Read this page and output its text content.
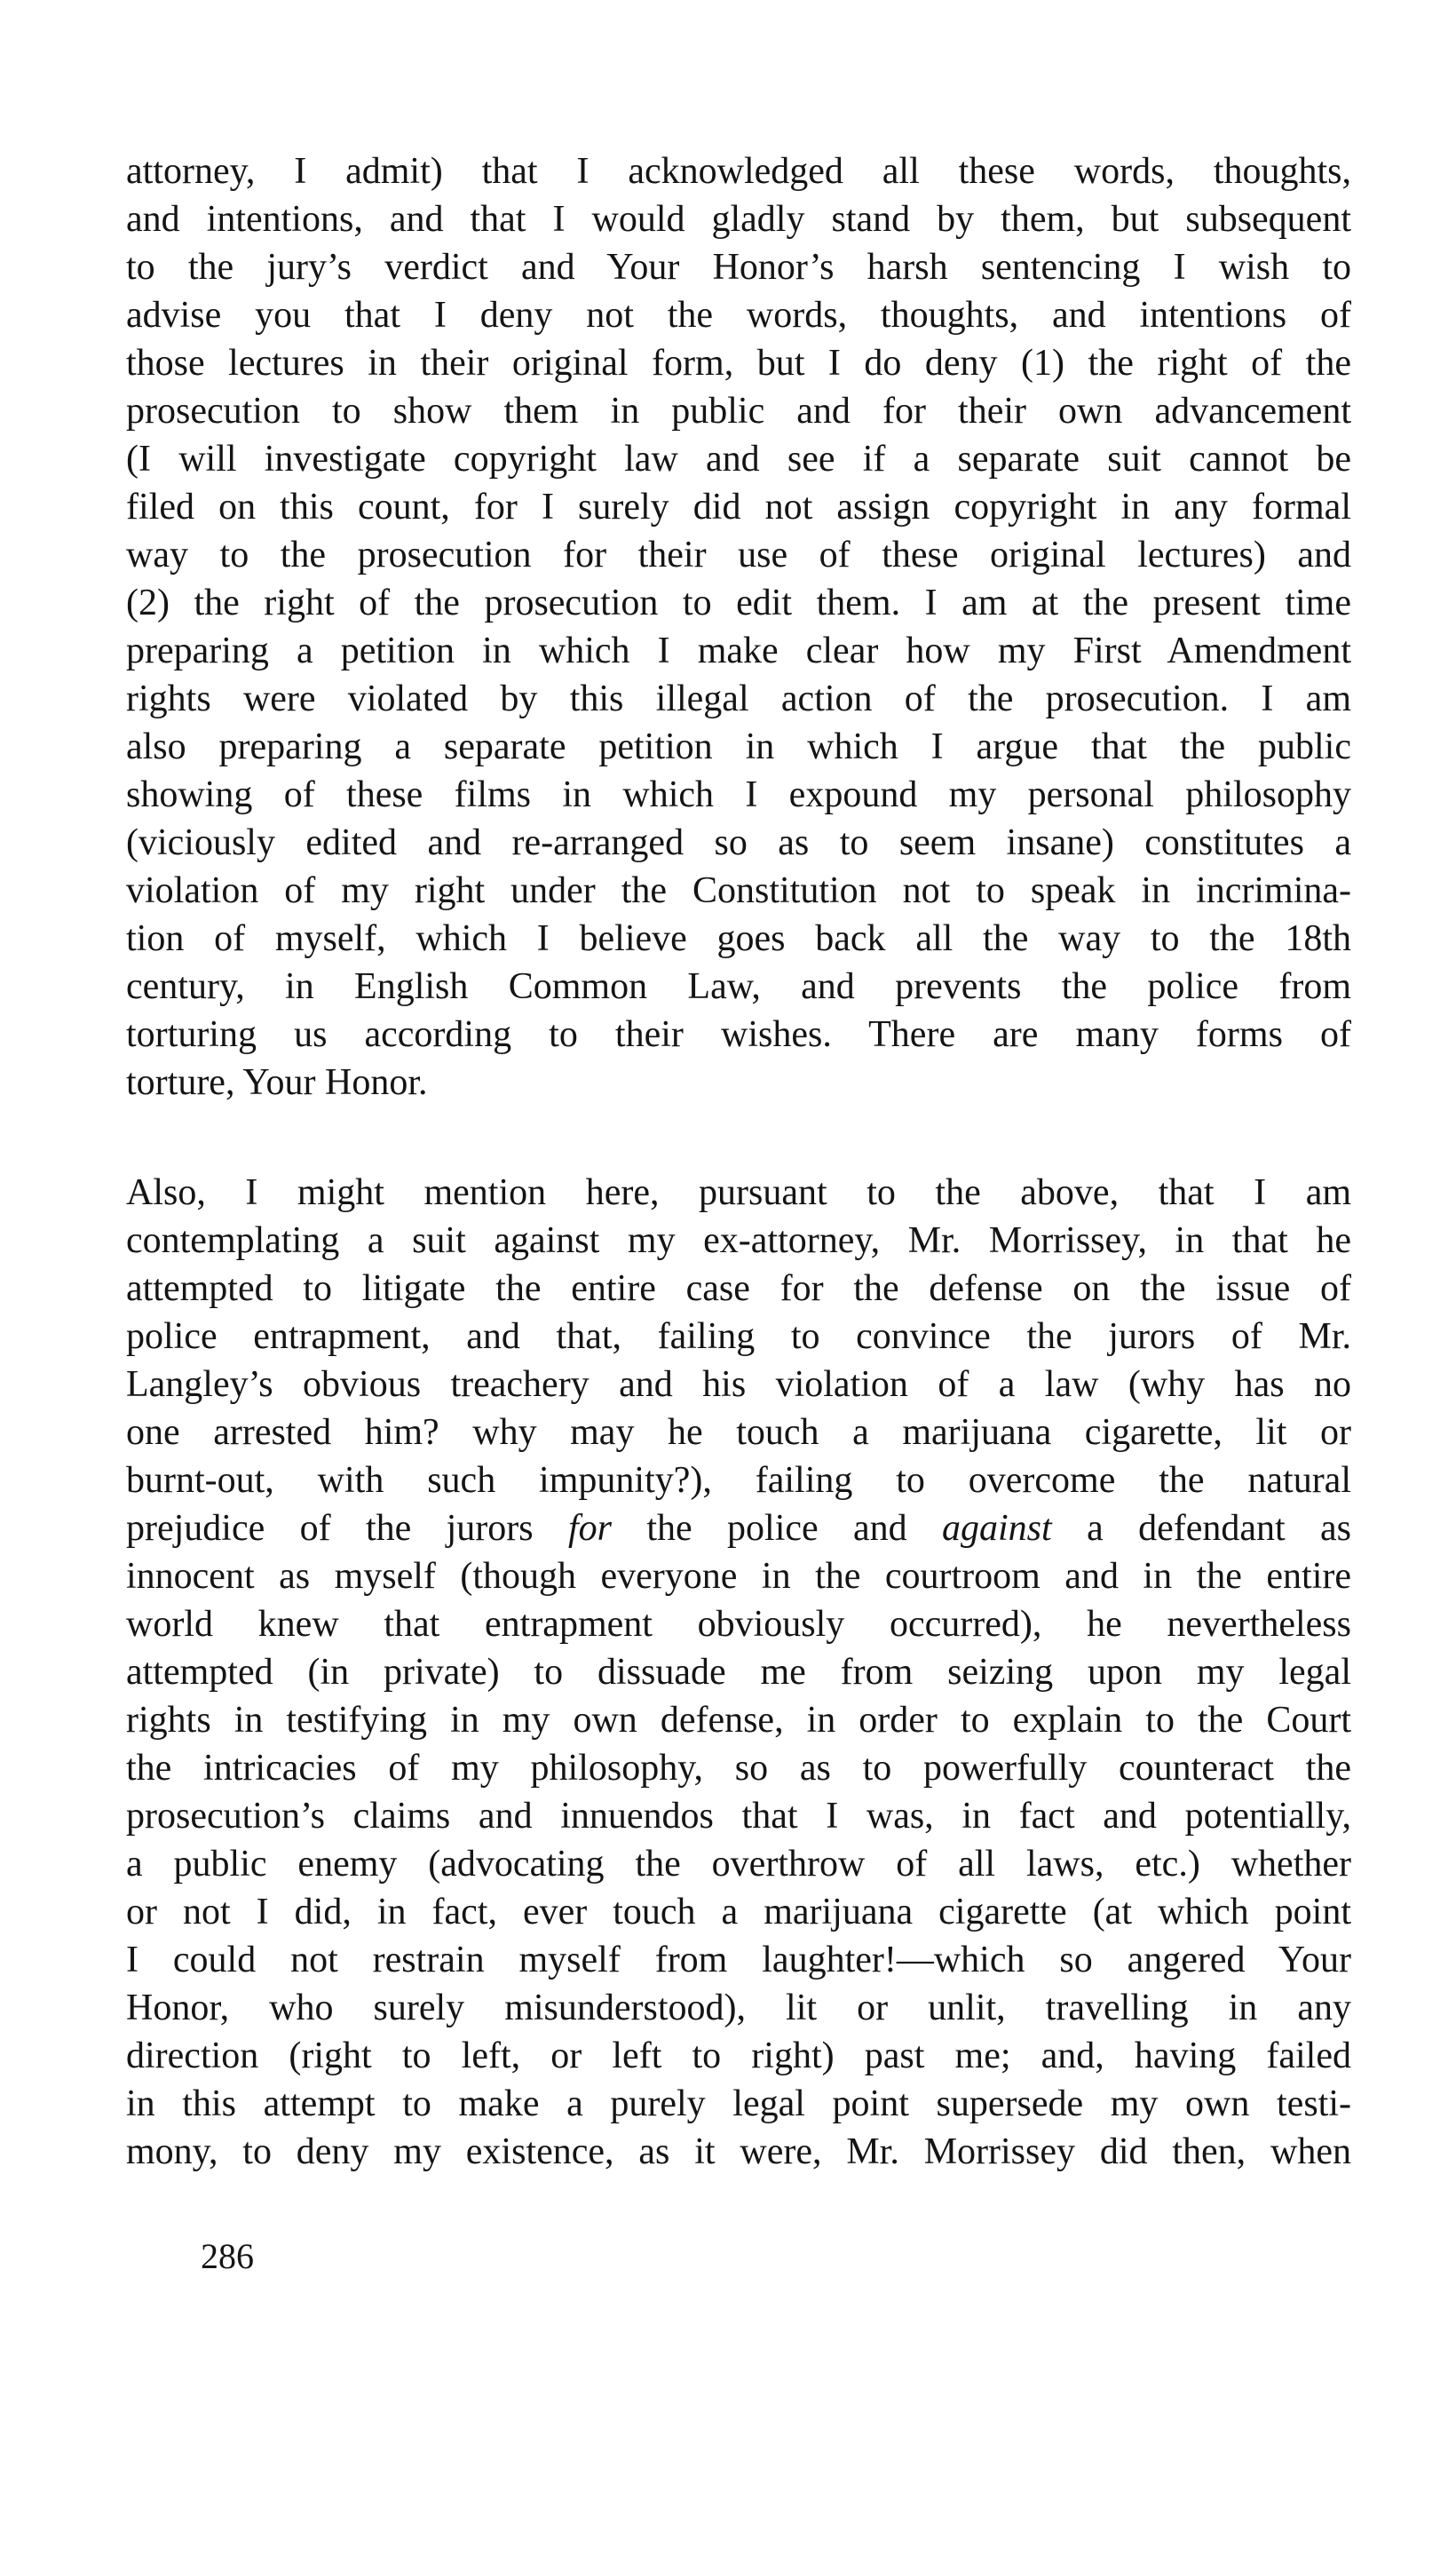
attorney, I admit) that I acknowledged all these words, thoughts,
and intentions, and that I would gladly stand by them, but subsequent
to the jury’s verdict and Your Honor’s harsh sentencing I wish to
advise you that I deny not the words, thoughts, and intentions of
those lectures in their original form, but I do deny (1) the right of the
prosecution to show them in public and for their own advancement
(I will investigate copyright law and see if a separate suit cannot be
filed on this count, for I surely did not assign copyright in any formal
way to the prosecution for their use of these original lectures) and
(2) the right of the prosecution to edit them. I am at the present time
preparing a petition in which I make clear how my First Amendment
rights were violated by this illegal action of the prosecution. I am
also preparing a separate petition in which I argue that the public
showing of these films in which I expound my personal philosophy
(viciously edited and re-arranged so as to seem insane) constitutes a
violation of my right under the Constitution not to speak in incrimina-
tion of myself, which I believe goes back all the way to the 18th
century, in English Common Law, and prevents the police from
torturing us according to their wishes. There are many forms of
torture, Your Honor.
Also, I might mention here, pursuant to the above, that I am
contemplating a suit against my ex-attorney, Mr. Morrissey, in that he
attempted to litigate the entire case for the defense on the issue of
police entrapment, and that, failing to convince the jurors of Mr.
Langley’s obvious treachery and his violation of a law (why has no
one arrested him? why may he touch a marijuana cigarette, lit or
burnt-out, with such impunity?), failing to overcome the natural
prejudice of the jurors for the police and against a defendant as
innocent as myself (though everyone in the courtroom and in the entire
world knew that entrapment obviously occurred), he nevertheless
attempted (in private) to dissuade me from seizing upon my legal
rights in testifying in my own defense, in order to explain to the Court
the intricacies of my philosophy, so as to powerfully counteract the
prosecution’s claims and innuendos that I was, in fact and potentially,
a public enemy (advocating the overthrow of all laws, etc.) whether
or not I did, in fact, ever touch a marijuana cigarette (at which point
I could not restrain myself from laughter!—which so angered Your
Honor, who surely misunderstood), lit or unlit, travelling in any
direction (right to left, or left to right) past me; and, having failed
in this attempt to make a purely legal point supersede my own testi-
mony, to deny my existence, as it were, Mr. Morrissey did then, when
286
